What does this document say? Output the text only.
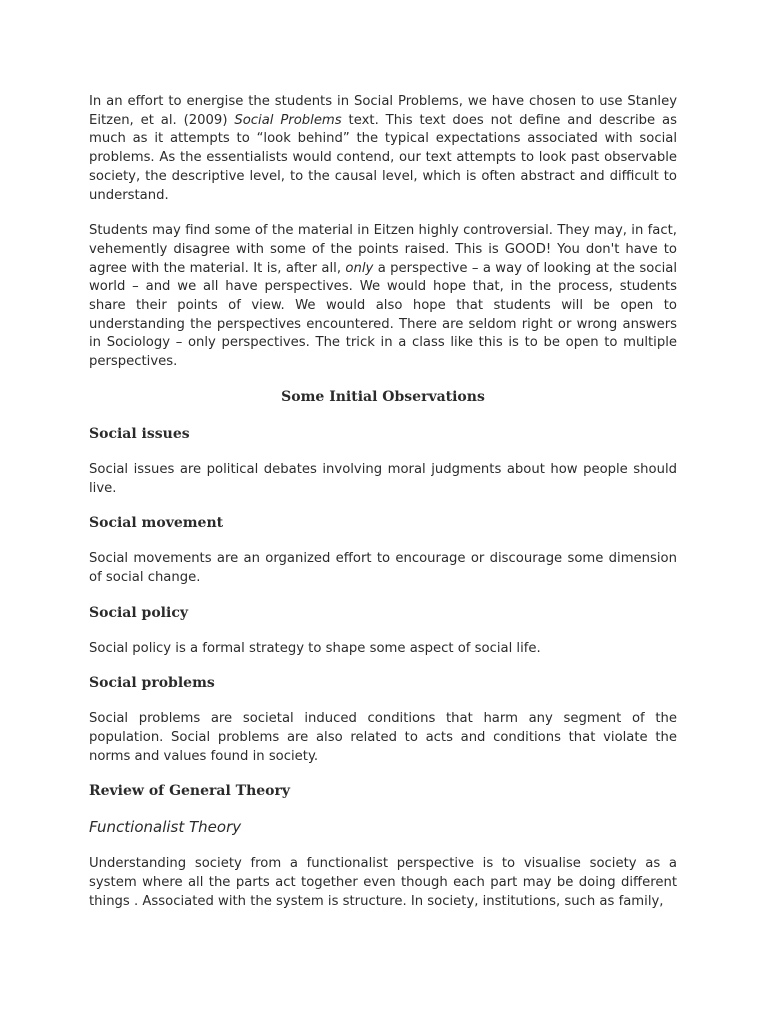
In an effort to energise the students in Social Problems, we have chosen to use Stanley Eitzen, et al. (2009) Social Problems text. This text does not define and describe as much as it attempts to “look behind” the typical expectations associated with social problems. As the essentialists would contend, our text attempts to look past observable society, the descriptive level, to the causal level, which is often abstract and difficult to understand.

Students may find some of the material in Eitzen highly controversial. They may, in fact, vehemently disagree with some of the points raised. This is GOOD! You don't have to agree with the material. It is, after all, only a perspective – a way of looking at the social world – and we all have perspectives. We would hope that, in the process, students share their points of view. We would also hope that students will be open to understanding the perspectives encountered. There are seldom right or wrong answers in Sociology – only perspectives. The trick in a class like this is to be open to multiple perspectives.

Some Initial Observations
Social issues

Social issues are political debates involving moral judgments about how people should live.

Social movement

Social movements are an organized effort to encourage or discourage some dimension of social change.

Social policy

Social policy is a formal strategy to shape some aspect of social life.

Social problems

Social problems are societal induced conditions that harm any segment of the population. Social problems are also related to acts and conditions that violate the norms and values found in society.

Review of General Theory
Functionalist Theory

Understanding society from a functionalist perspective is to visualise society as a system where all the parts act together even though each part may be doing different things . Associated with the system is structure. In society, institutions, such as family,
